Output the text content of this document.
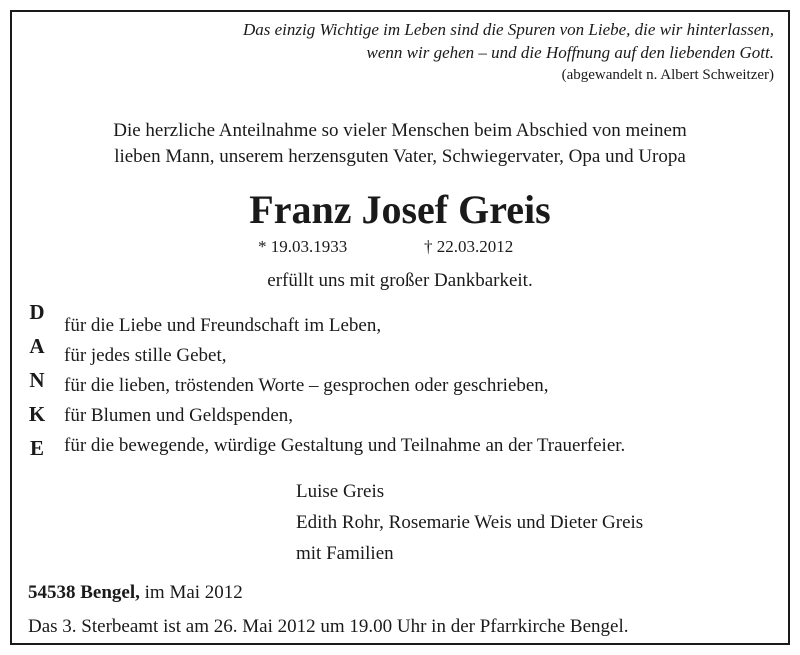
Das einzig Wichtige im Leben sind die Spuren von Liebe, die wir hinterlassen,
wenn wir gehen – und die Hoffnung auf den liebenden Gott.
(abgewandelt n. Albert Schweitzer)
Die herzliche Anteilnahme so vieler Menschen beim Abschied von meinem
lieben Mann, unserem herzensguten Vater, Schwiegervater, Opa und Uropa
Franz Josef Greis
* 19.03.1933	† 22.03.2012
erfüllt uns mit großer Dankbarkeit.
D
A
N
K
E
für die Liebe und Freundschaft im Leben,
für jedes stille Gebet,
für die lieben, tröstenden Worte – gesprochen oder geschrieben,
für Blumen und Geldspenden,
für die bewegende, würdige Gestaltung und Teilnahme an der Trauerfeier.
Luise Greis
Edith Rohr, Rosemarie Weis und Dieter Greis
mit Familien
54538 Bengel, im Mai 2012
Das 3. Sterbeamt ist am 26. Mai 2012 um 19.00 Uhr in der Pfarrkirche Bengel.
